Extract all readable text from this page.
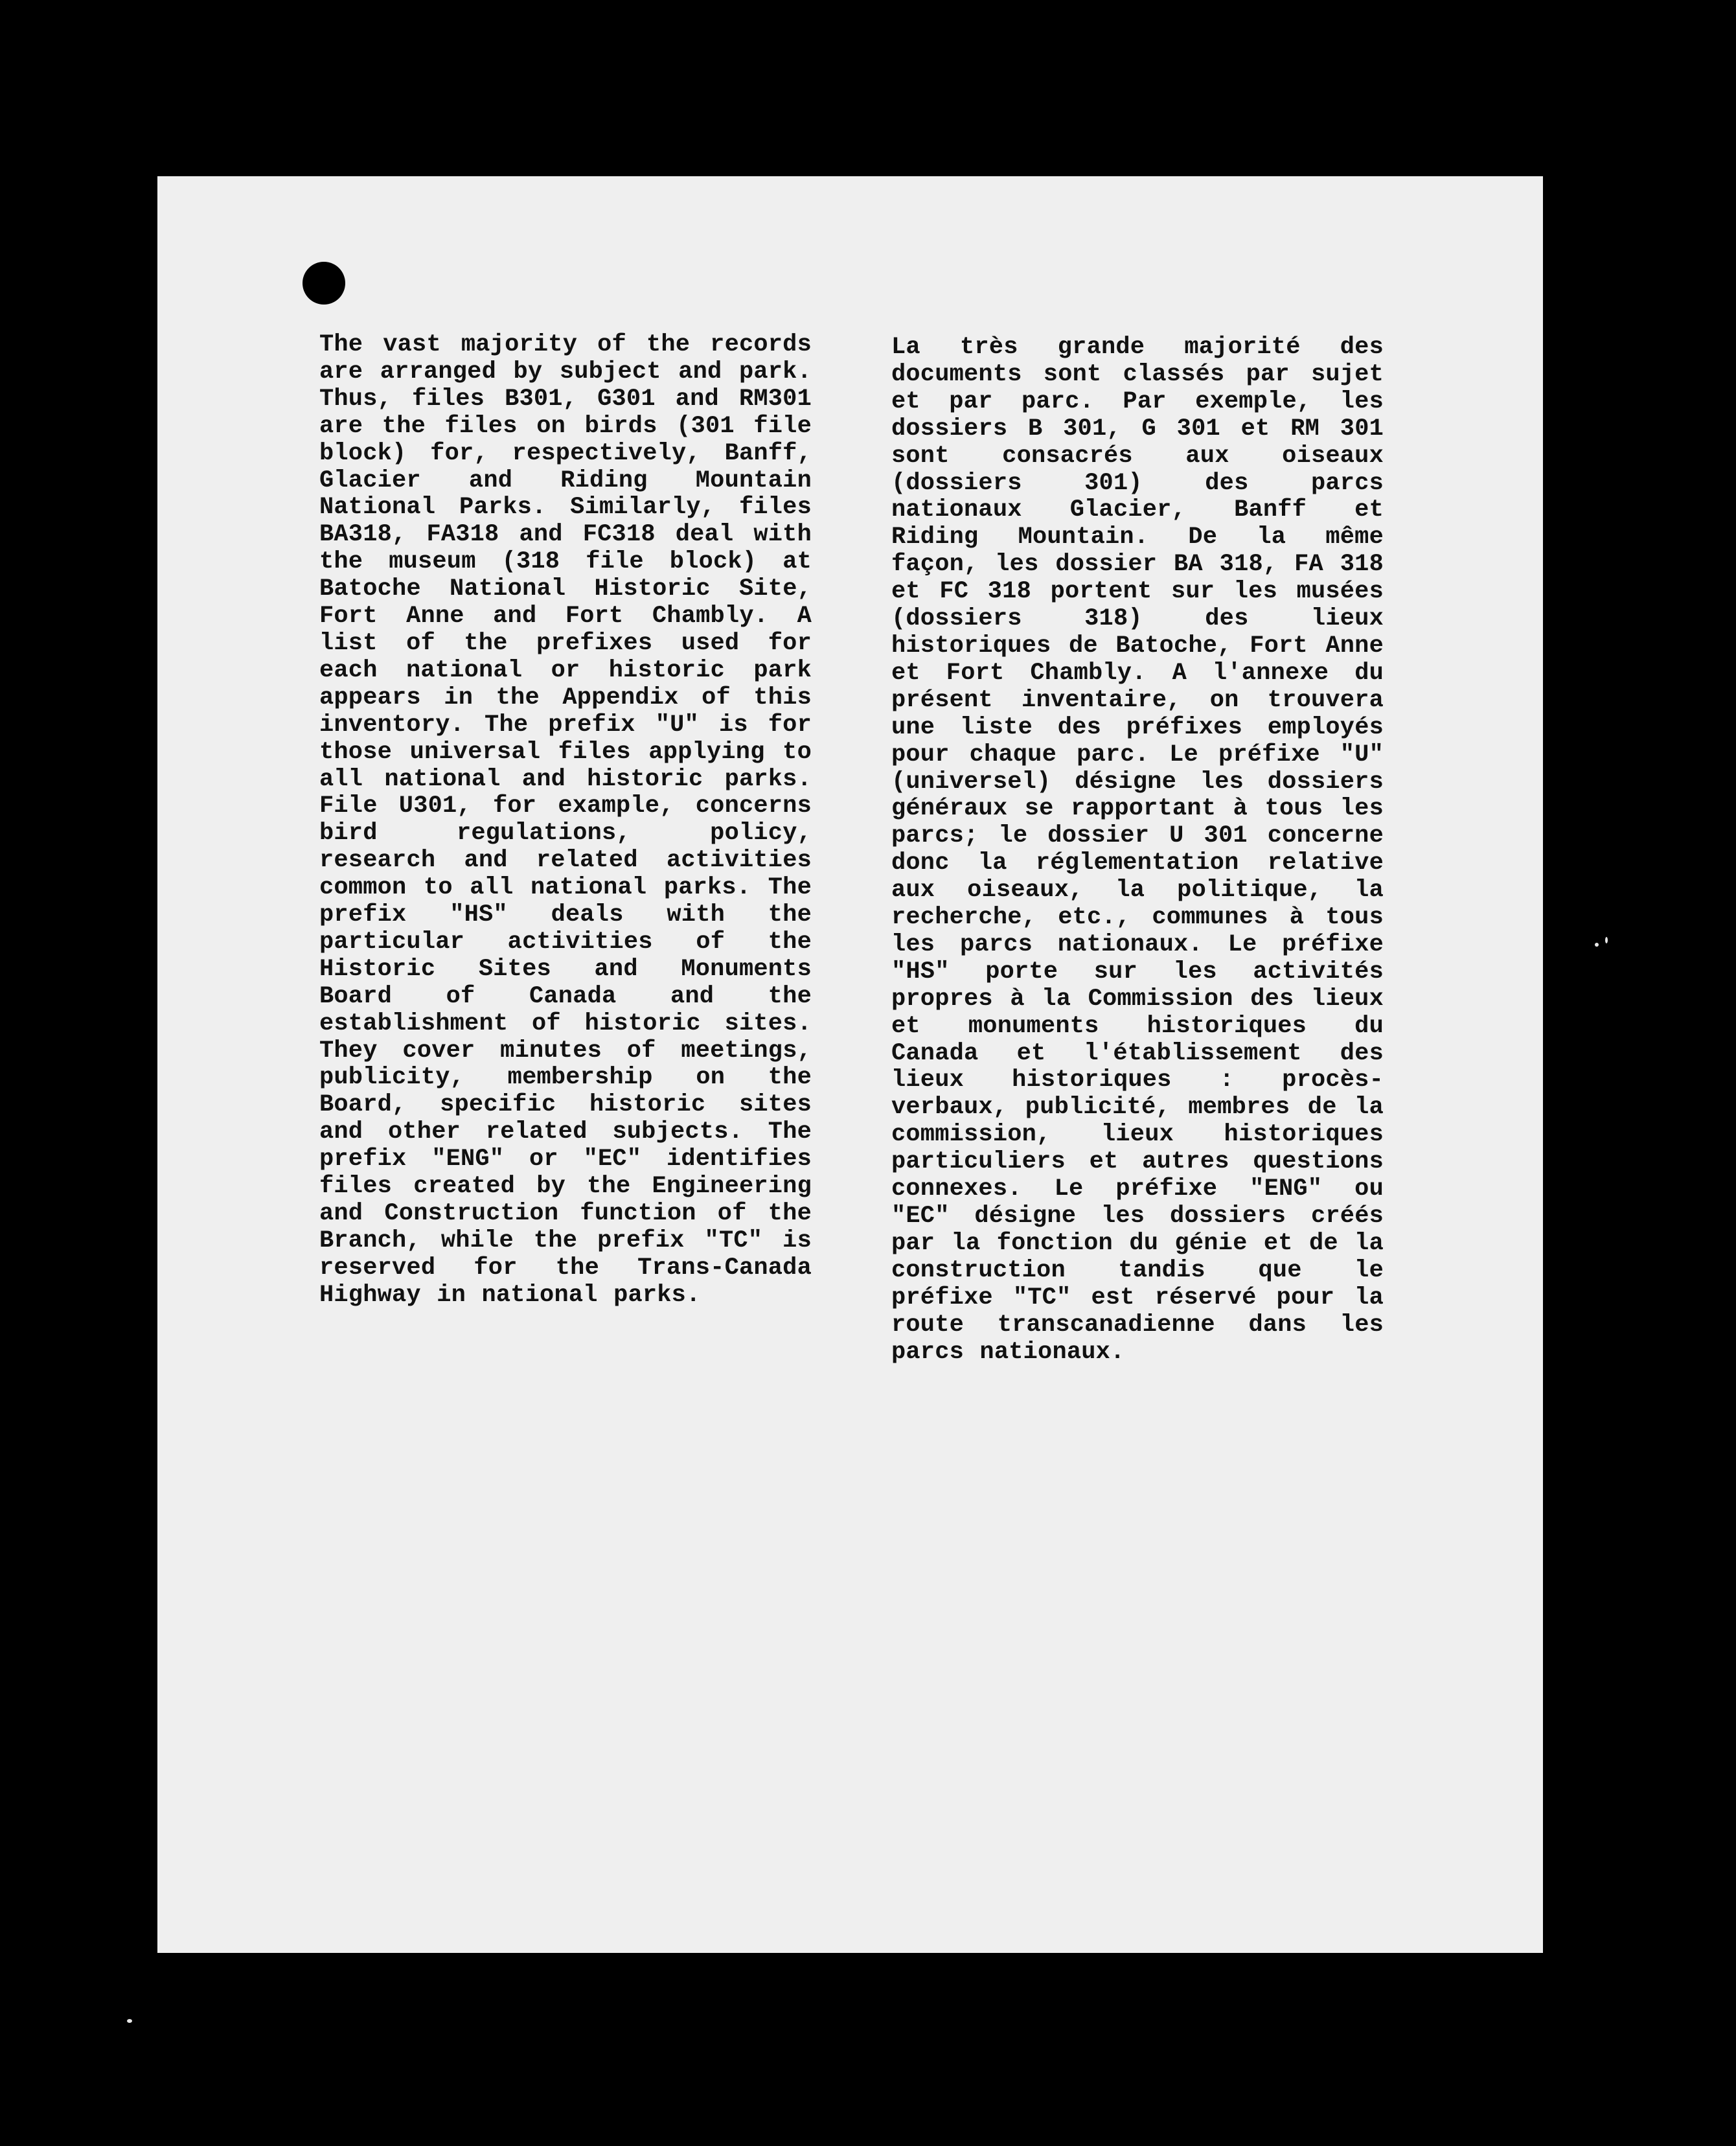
The vast majority of the records are arranged by subject and park. Thus, files B301, G301 and RM301 are the files on birds (301 file block) for, respectively, Banff, Glacier and Riding Mountain National Parks. Similarly, files BA318, FA318 and FC318 deal with the museum (318 file block) at Batoche National Historic Site, Fort Anne and Fort Chambly. A list of the prefixes used for each national or historic park appears in the Appendix of this inventory. The prefix "U" is for those universal files applying to all national and historic parks. File U301, for example, concerns bird regulations, policy, research and related activities common to all national parks. The prefix "HS" deals with the particular activities of the Historic Sites and Monuments Board of Canada and the establishment of historic sites. They cover minutes of meetings, publicity, membership on the Board, specific historic sites and other related subjects. The prefix "ENG" or "EC" identifies files created by the Engineering and Construction function of the Branch, while the prefix "TC" is reserved for the Trans-Canada Highway in national parks.
La très grande majorité des documents sont classés par sujet et par parc. Par exemple, les dossiers B 301, G 301 et RM 301 sont consacrés aux oiseaux (dossiers 301) des parcs nationaux Glacier, Banff et Riding Mountain. De la même façon, les dossier BA 318, FA 318 et FC 318 portent sur les musées (dossiers 318) des lieux historiques de Batoche, Fort Anne et Fort Chambly. A l'annexe du présent inventaire, on trouvera une liste des préfixes employés pour chaque parc. Le préfixe "U" (universel) désigne les dossiers généraux se rapportant à tous les parcs; le dossier U 301 concerne donc la réglementation relative aux oiseaux, la politique, la recherche, etc., communes à tous les parcs nationaux. Le préfixe "HS" porte sur les activités propres à la Commission des lieux et monuments historiques du Canada et l'établissement des lieux historiques : procès-verbaux, publicité, membres de la commission, lieux historiques particuliers et autres questions connexes. Le préfixe "ENG" ou "EC" désigne les dossiers créés par la fonction du génie et de la construction tandis que le préfixe "TC" est réservé pour la route transcanadienne dans les parcs nationaux.
